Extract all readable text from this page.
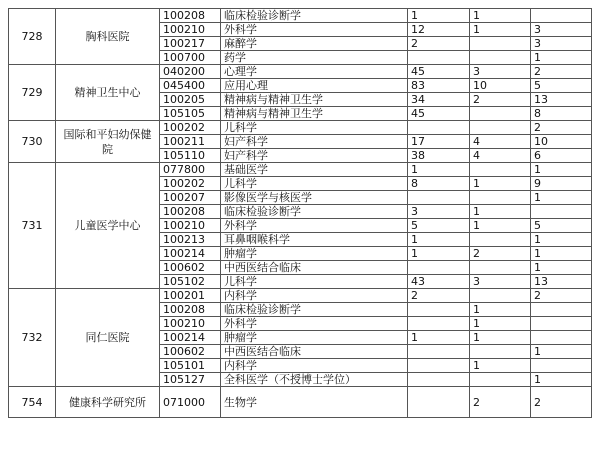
728	胸科医院	100208	临床检验诊断学	1	1	
		100210	外科学	12	1	3
		100217	麻醉学	2		3
		100700	药学			1
729	精神卫生中心	040200	心理学	45	3	2
		045400	应用心理	83	10	5
		100205	精神病与精神卫生学	34	2	13
		105105	精神病与精神卫生学	45		8
730	国际和平妇幼保健院	100202	儿科学			2
		100211	妇产科学	17	4	10
		105110	妇产科学	38	4	6
731	儿童医学中心	077800	基础医学	1		1
		100202	儿科学	8	1	9
		100207	影像医学与核医学			1
		100208	临床检验诊断学	3	1	
		100210	外科学	5	1	5
		100213	耳鼻咽喉科学	1		1
		100214	肿瘤学	1	2	1
		100602	中西医结合临床			1
		105102	儿科学	43	3	13
732	同仁医院	100201	内科学	2		2
		100208	临床检验诊断学		1	
		100210	外科学		1	
		100214	肿瘤学	1	1	
		100602	中西医结合临床			1
		105101	内科学		1	
		105127	全科医学（不授博士学位）			1
754	健康科学研究所	071000	生物学		2	2
